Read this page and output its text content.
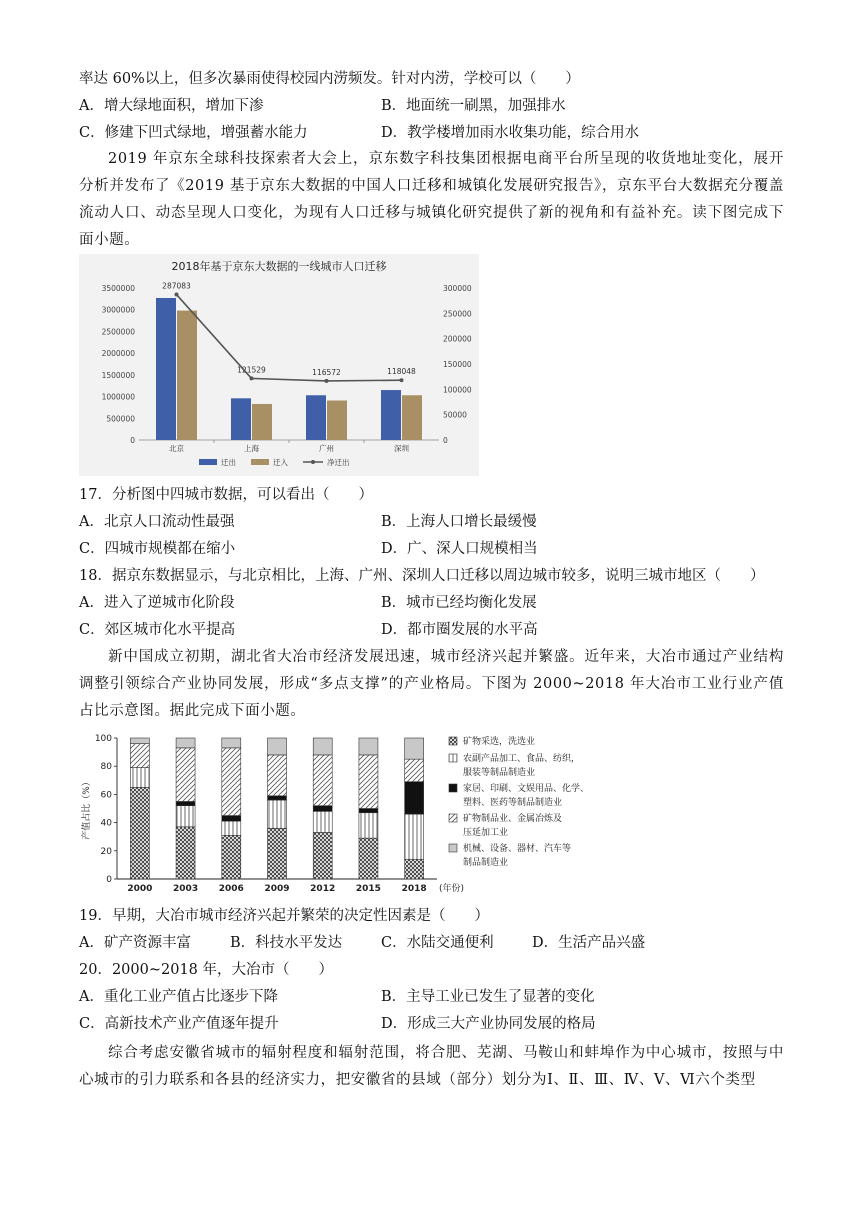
率达 60%以上，但多次暴雨使得校园内涝频发。针对内涝，学校可以（　　）
A．增大绿地面积，增加下渗	B．地面统一刷黑，加强排水
C．修建下凹式绿地，增强蓄水能力	D．教学楼增加雨水收集功能，综合用水
2019 年京东全球科技探索者大会上，京东数字科技集团根据电商平台所呈现的收货地址变化，展开分析并发布了《2019 基于京东大数据的中国人口迁移和城镇化发展研究报告》，京东平台大数据充分覆盖流动人口、动态呈现人口变化，为现有人口迁移与城镇化研究提供了新的视角和有益补充。读下图完成下面小题。
2018年基于京东大数据的一线城市人口迁移
0
500000
1000000
1500000
2000000
2500000
3000000
3500000
0
50000
100000
150000
200000
250000
300000
北京	上海	广州	深圳
287083
121529	116572	118048
迁出	迁入	净迁出
17．分析图中四城市数据，可以看出（　　）
A．北京人口流动性最强	B．上海人口增长最缓慢
C．四城市规模都在缩小	D．广、深人口规模相当
18．据京东数据显示，与北京相比，上海、广州、深圳人口迁移以周边城市较多，说明三城市地区（　　）
A．进入了逆城市化阶段	B．城市已经均衡化发展
C．郊区城市化水平提高	D．都市圈发展的水平高
新中国成立初期，湖北省大冶市经济发展迅速，城市经济兴起并繁盛。近年来，大冶市通过产业结构调整引领综合产业协同发展，形成“多点支撑”的产业格局。下图为 2000~2018 年大冶市工业行业产值占比示意图。据此完成下面小题。
0
20
40
60
80
100
产值占比（%）
2000 2003 2006 2009 2012 2015 2018 (年份)
矿物采选，洗选业
农副产品加工、食品、纺织，
服装等制品制造业
家居、印刷、文娱用品、化学、
塑料、医药等制品制造业
矿物制品业、金属冶炼及
压延加工业
机械、设备、器材、汽车等
制品制造业
19．早期，大冶市城市经济兴起并繁荣的决定性因素是（　　）
A．矿产资源丰富	B．科技水平发达	C．水陆交通便利	D．生活产品兴盛
20．2000~2018 年，大冶市（　　）
A．重化工业产值占比逐步下降	B．主导工业已发生了显著的变化
C．高新技术产业产值逐年提升	D．形成三大产业协同发展的格局
综合考虑安徽省城市的辐射程度和辐射范围，将合肥、芜湖、马鞍山和蚌埠作为中心城市，按照与中心城市的引力联系和各县的经济实力，把安徽省的县域（部分）划分为Ⅰ、Ⅱ、Ⅲ、Ⅳ、Ⅴ、Ⅵ六个类型
